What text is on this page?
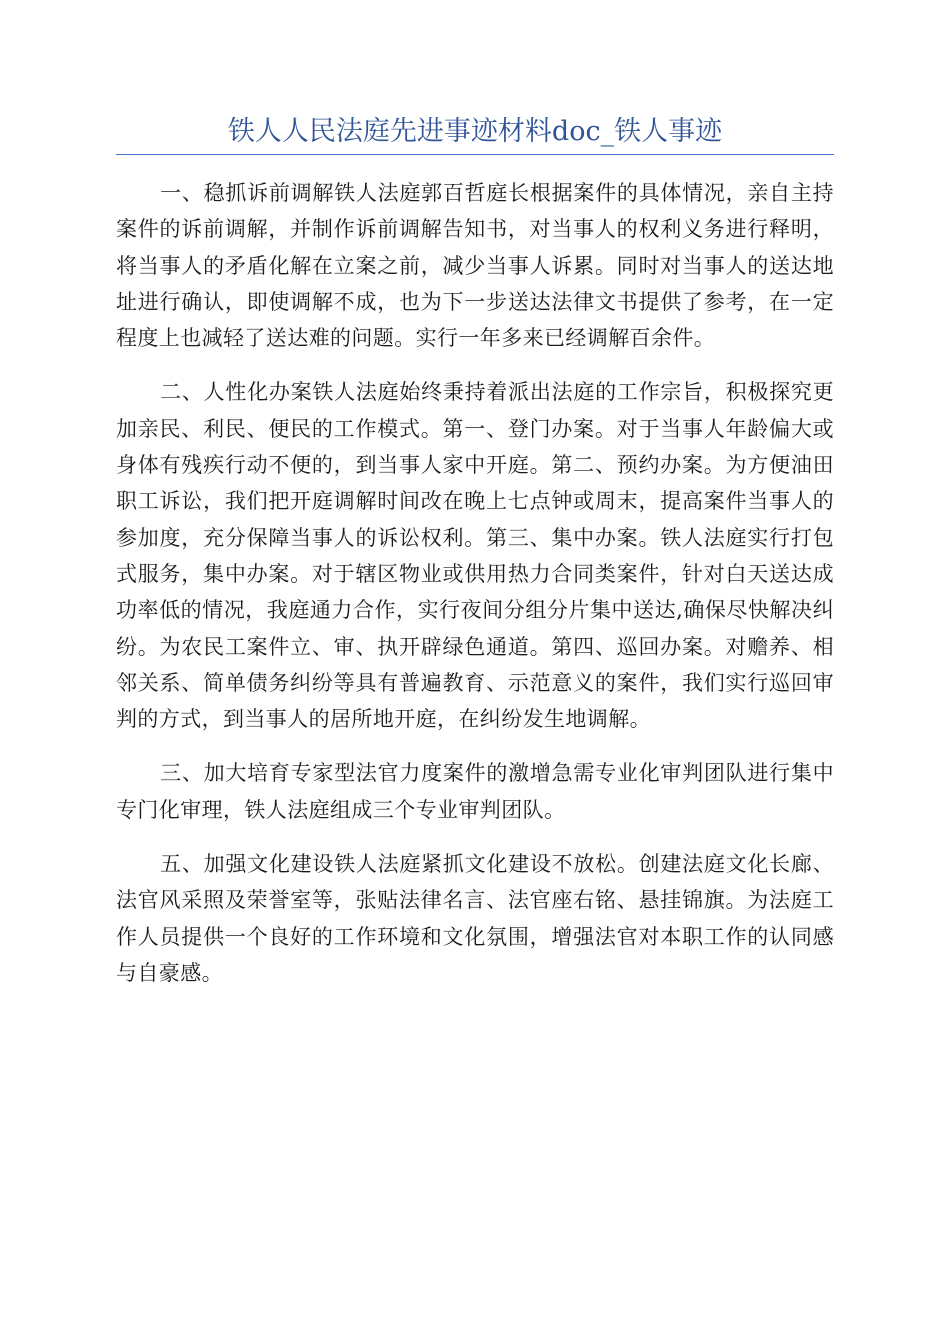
铁人人民法庭先进事迹材料doc_铁人事迹

一、稳抓诉前调解铁人法庭郭百哲庭长根据案件的具体情况，亲自主持案件的诉前调解，并制作诉前调解告知书，对当事人的权利义务进行释明，将当事人的矛盾化解在立案之前，减少当事人诉累。同时对当事人的送达地址进行确认，即使调解不成，也为下一步送达法律文书提供了参考，在一定程度上也减轻了送达难的问题。实行一年多来已经调解百余件。

二、人性化办案铁人法庭始终秉持着派出法庭的工作宗旨，积极探究更加亲民、利民、便民的工作模式。第一、登门办案。对于当事人年龄偏大或身体有残疾行动不便的，到当事人家中开庭。第二、预约办案。为方便油田职工诉讼，我们把开庭调解时间改在晚上七点钟或周末，提高案件当事人的参加度，充分保障当事人的诉讼权利。第三、集中办案。铁人法庭实行打包式服务，集中办案。对于辖区物业或供用热力合同类案件，针对白天送达成功率低的情况，我庭通力合作，实行夜间分组分片集中送达,确保尽快解决纠纷。为农民工案件立、审、执开辟绿色通道。第四、巡回办案。对赡养、相邻关系、简单债务纠纷等具有普遍教育、示范意义的案件，我们实行巡回审判的方式，到当事人的居所地开庭，在纠纷发生地调解。

三、加大培育专家型法官力度案件的激增急需专业化审判团队进行集中专门化审理，铁人法庭组成三个专业审判团队。

五、加强文化建设铁人法庭紧抓文化建设不放松。创建法庭文化长廊、法官风采照及荣誉室等，张贴法律名言、法官座右铭、悬挂锦旗。为法庭工作人员提供一个良好的工作环境和文化氛围，增强法官对本职工作的认同感与自豪感。
